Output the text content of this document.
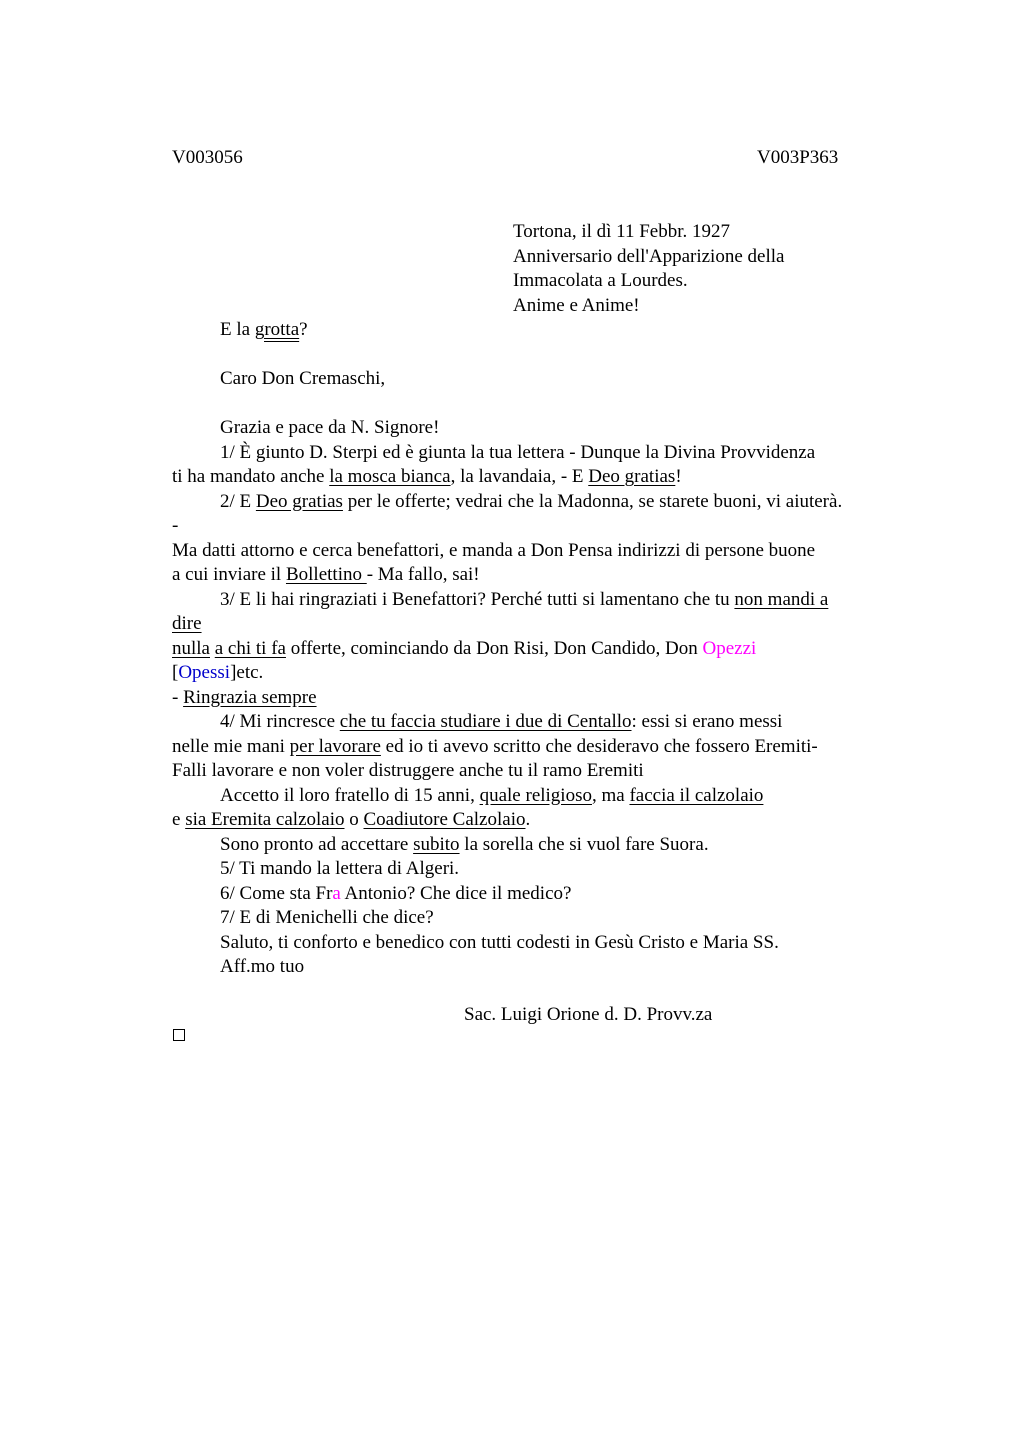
V003056	V003P363
Tortona, il dì 11 Febbr. 1927
Anniversario dell'Apparizione della
Immacolata a Lourdes.
Anime e Anime!
E la grotta?
Caro Don Cremaschi,
Grazia e pace da N. Signore!
1/ È giunto D. Sterpi ed è giunta la tua lettera - Dunque la Divina Provvidenza
ti ha mandato anche la mosca bianca, la lavandaia, - E Deo gratias!
2/ E Deo gratias per le offerte; vedrai che la Madonna, se starete buoni, vi aiuterà.
-
Ma datti attorno e cerca benefattori, e manda a Don Pensa indirizzi di persone buone
a cui inviare il Bollettino - Ma fallo, sai!
3/ E li hai ringraziati i Benefattori? Perché tutti si lamentano che tu non mandi a
dire
nulla a chi ti fa offerte, cominciando da Don Risi, Don Candido, Don Opezzi
[Opessi]etc.
- Ringrazia sempre
4/ Mi rincresce che tu faccia studiare i due di Centallo: essi si erano messi
nelle mie mani per lavorare ed io ti avevo scritto che desideravo che fossero Eremiti-
Falli lavorare e non voler distruggere anche tu il ramo Eremiti
Accetto il loro fratello di 15 anni, quale religioso, ma faccia il calzolaio
e sia Eremita calzolaio o Coadiutore Calzolaio.
Sono pronto ad accettare subito la sorella che si vuol fare Suora.
5/ Ti mando la lettera di Algeri.
6/ Come sta Fra Antonio? Che dice il medico?
7/ E di Menichelli che dice?
Saluto, ti conforto e benedico con tutti codesti in Gesù Cristo e Maria SS.
Aff.mo tuo
Sac. Luigi Orione d. D. Provv.za
